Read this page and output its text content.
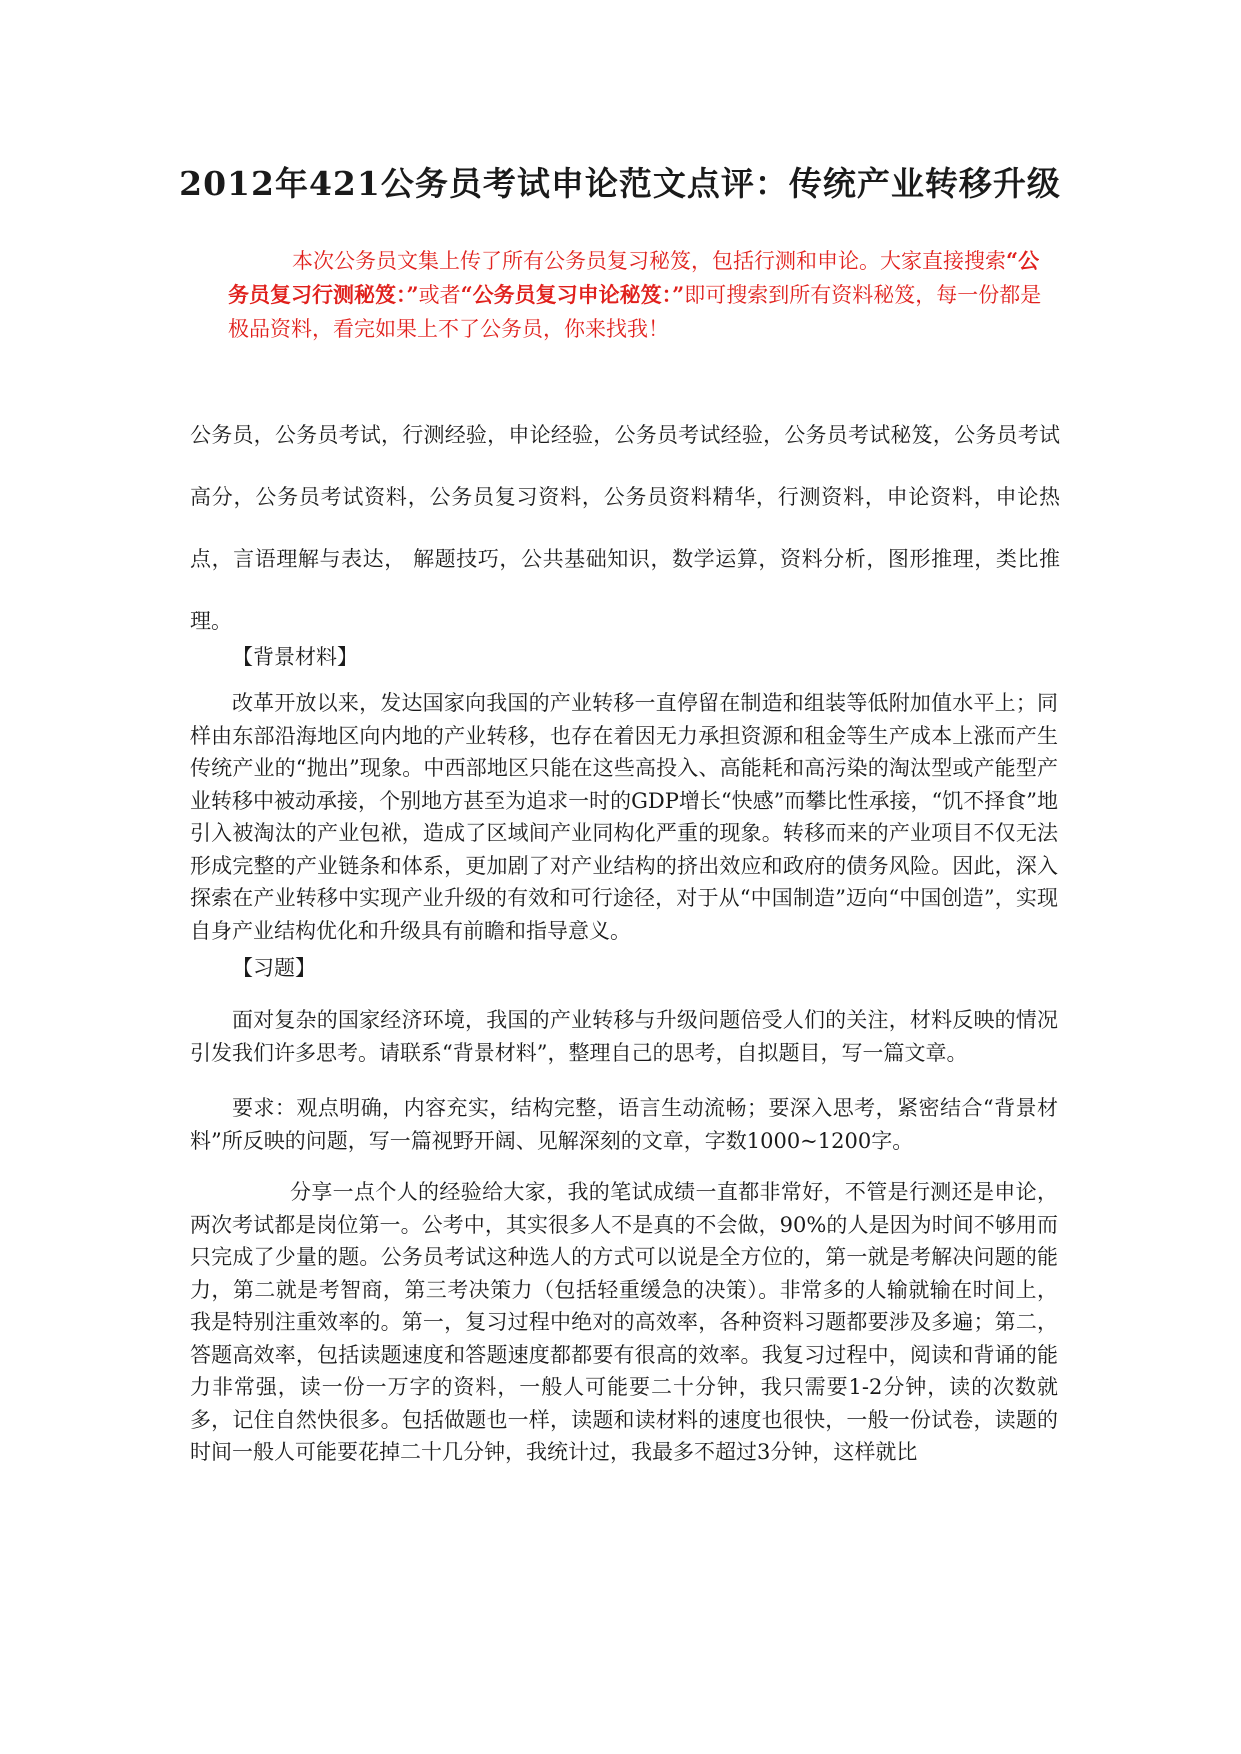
2012年421公务员考试申论范文点评：传统产业转移升级

本次公务员文集上传了所有公务员复习秘笈，包括行测和申论。大家直接搜索“公务员复习行测秘笈：”或者“公务员复习申论秘笈：”即可搜索到所有资料秘笈，每一份都是极品资料，看完如果上不了公务员，你来找我！

公务员，公务员考试，行测经验，申论经验，公务员考试经验，公务员考试秘笈，公务员考试高分，公务员考试资料，公务员复习资料，公务员资料精华，行测资料，申论资料，申论热点，言语理解与表达， 解题技巧，公共基础知识，数学运算，资料分析，图形推理，类比推理。

【背景材料】

改革开放以来，发达国家向我国的产业转移一直停留在制造和组装等低附加值水平上；同样由东部沿海地区向内地的产业转移，也存在着因无力承担资源和租金等生产成本上涨而产生传统产业的“抛出”现象。中西部地区只能在这些高投入、高能耗和高污染的淘汰型或产能型产业转移中被动承接，个别地方甚至为追求一时的GDP增长“快感”而攀比性承接，“饥不择食”地引入被淘汰的产业包袱，造成了区域间产业同构化严重的现象。转移而来的产业项目不仅无法形成完整的产业链条和体系，更加剧了对产业结构的挤出效应和政府的债务风险。因此，深入探索在产业转移中实现产业升级的有效和可行途径，对于从“中国制造”迈向“中国创造”，实现自身产业结构优化和升级具有前瞻和指导意义。

【习题】

面对复杂的国家经济环境，我国的产业转移与升级问题倍受人们的关注，材料反映的情况引发我们许多思考。请联系“背景材料”，整理自己的思考，自拟题目，写一篇文章。

要求：观点明确，内容充实，结构完整，语言生动流畅；要深入思考，紧密结合“背景材料”所反映的问题，写一篇视野开阔、见解深刻的文章，字数1000~1200字。

分享一点个人的经验给大家，我的笔试成绩一直都非常好，不管是行测还是申论，两次考试都是岗位第一。公考中，其实很多人不是真的不会做，90%的人是因为时间不够用而只完成了少量的题。公务员考试这种选人的方式可以说是全方位的，第一就是考解决问题的能力，第二就是考智商，第三考决策力（包括轻重缓急的决策）。非常多的人输就输在时间上，我是特别注重效率的。第一，复习过程中绝对的高效率，各种资料习题都要涉及多遍；第二，答题高效率，包括读题速度和答题速度都都要有很高的效率。我复习过程中，阅读和背诵的能力非常强，读一份一万字的资料，一般人可能要二十分钟，我只需要1-2分钟，读的次数就多，记住自然快很多。包括做题也一样，读题和读材料的速度也很快，一般一份试卷，读题的时间一般人可能要花掉二十几分钟，我统计过，我最多不超过3分钟，这样就比
